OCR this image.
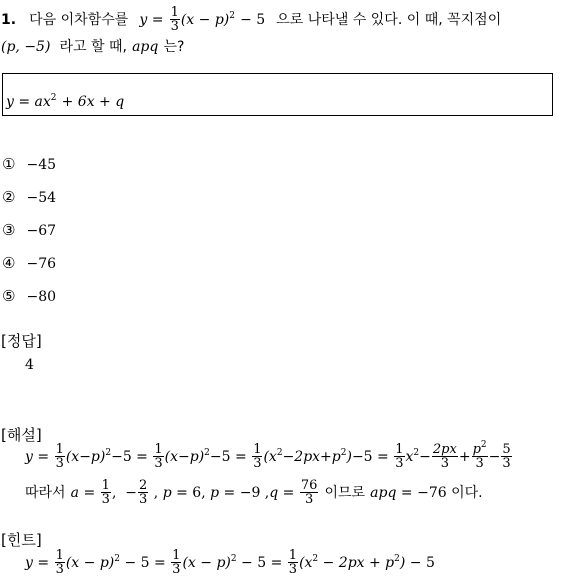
1. 다음 이차함수를 $y = \frac{1}{3} (x - p)^2 - 5$ 으로 나타낼 수 있다. 이 때, 꼭지점이
(p, −5) 라고 할 때, apq 는?
$y = ax^2 + 6x + q$
① −45
② −54
③ −67
④ −76
⑤ −80
[정답]
4
[해설]
$y = \frac{1}{3} (x-p)^2-5 = \frac{1}{3} (x-p)^2-5 = \frac{1}{3} (x^2-2px+p^2)-5 = \frac{1}{3} x^2- \frac{2px}{3} + \frac{p^2}{3} - \frac{5}{3}$
따라서 $a = \frac{1}{3}$ ,  − $\frac{2}{3}$ , p = 6, p = −9 $,q = \frac{76}{3}$ 이므로 apq = −76 이다.
[힌트]
$y = \frac{1}{3} (x - p)^2 - 5 = \frac{1}{3} (x - p)^2 - 5 = \frac{1}{3} (x^2 - 2px + p^2) - 5$
